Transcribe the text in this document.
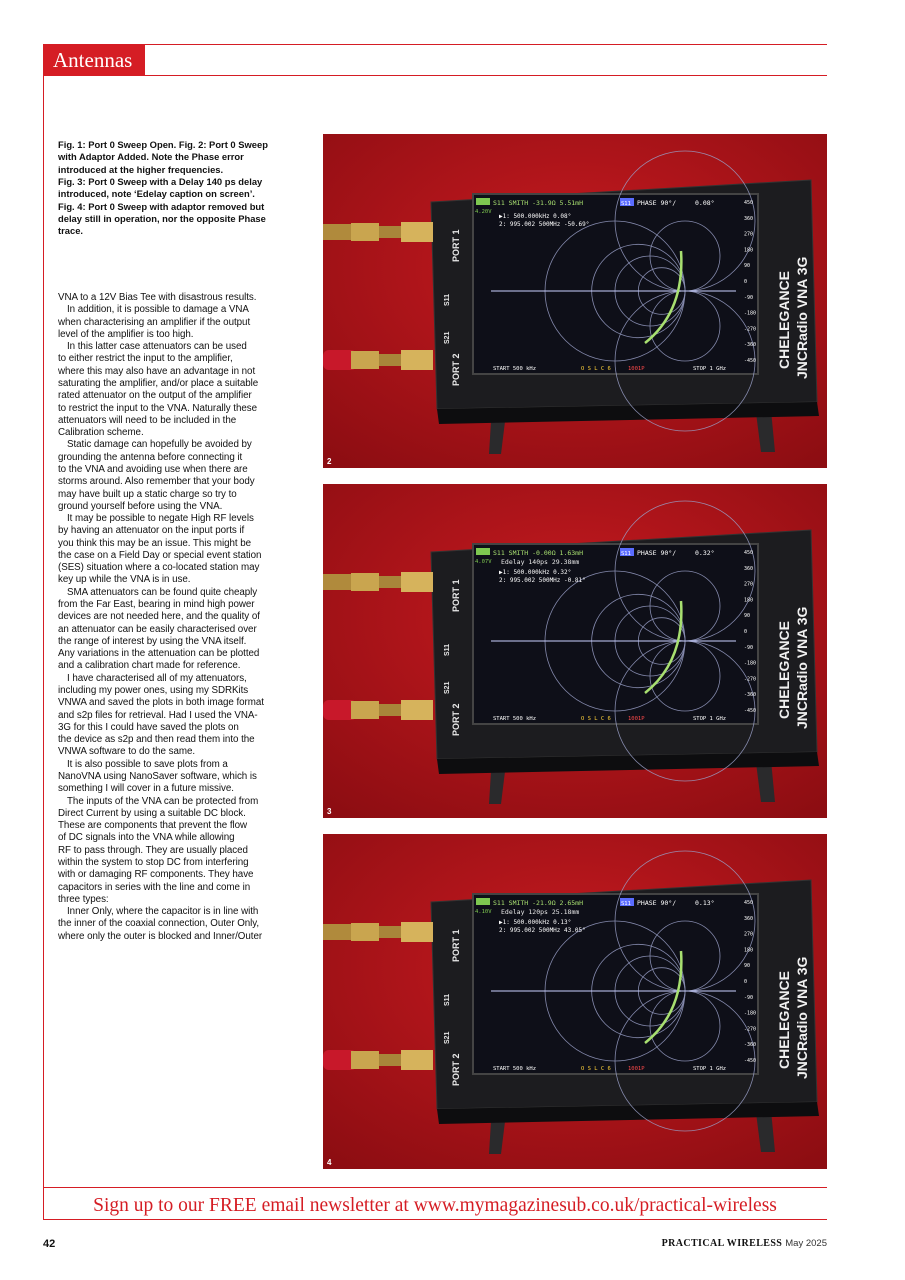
Antennas
Fig. 1: Port 0 Sweep Open. Fig. 2: Port 0 Sweep
with Adaptor Added. Note the Phase error
introduced at the higher frequencies.
Fig. 3: Port 0 Sweep with a Delay 140 ps delay
introduced, note ‘Edelay caption on screen’.
Fig. 4: Port 0 Sweep with adaptor removed but
delay still in operation, nor the opposite Phase
trace.
VNA to a 12V Bias Tee with disastrous results.
In addition, it is possible to damage a VNA
when characterising an amplifier if the output
level of the amplifier is too high.
In this latter case attenuators can be used
to either restrict the input to the amplifier,
where this may also have an advantage in not
saturating the amplifier, and/or place a suitable
rated attenuator on the output of the amplifier
to restrict the input to the VNA. Naturally these
attenuators will need to be included in the
Calibration scheme.
Static damage can hopefully be avoided by
grounding the antenna before connecting it
to the VNA and avoiding use when there are
storms around. Also remember that your body
may have built up a static charge so try to
ground yourself before using the VNA.
It may be possible to negate High RF levels
by having an attenuator on the input ports if
you think this may be an issue. This might be
the case on a Field Day or special event station
(SES) situation where a co-located station may
key up while the VNA is in use.
SMA attenuators can be found quite cheaply
from the Far East, bearing in mind high power
devices are not needed here, and the quality of
an attenuator can be easily characterised over
the range of interest by using the VNA itself.
Any variations in the attenuation can be plotted
and a calibration chart made for reference.
I have characterised all of my attenuators,
including my power ones, using my SDRKits
VNWA and saved the plots in both image format
and s2p files for retrieval. Had I used the VNA-
3G for this I could have saved the plots on
the device as s2p and then read them into the
VNWA software to do the same.
It is also possible to save plots from a
NanoVNA using NanoSaver software, which is
something I will cover in a future missive.
The inputs of the VNA can be protected from
Direct Current by using a suitable DC block.
These are components that prevent the flow
of DC signals into the VNA while allowing
RF to pass through. They are usually placed
within the system to stop DC from interfering
with or damaging RF components. They have
capacitors in series with the line and come in
three types:
Inner Only, where the capacitor is in line with
the inner of the coaxial connection, Outer Only,
where only the outer is blocked and Inner/Outer
PORT 1
PORT 2
S11
S21	CHELEGANCE JNCRadio VNA 3G
4.20V
S11 SMITH -31.9Ω 5.51mH	S11 PHASE 90°/	0.08°
▶1: 500.000kHz 0.08°
2: 995.002 500MHz -50.69°
450
360
270
180
90
0
-90
-180
-270
-360
-450
START 500 kHz	O S L C 6	1001P	STOP 1 GHz
2
PORT 1
PORT 2
S11
S21	CHELEGANCE JNCRadio VNA 3G
4.07V
S11 SMITH -0.00Ω 1.63mH
Edelay 140ps 29.38mm
S11 PHASE 90°/	0.32°
▶1: 500.000kHz 0.32°
2: 995.002 500MHz -0.81°
450
360
270
180
90
0
-90
-180
-270
-360
-450
START 500 kHz	O S L C 6	1001P	STOP 1 GHz
3
PORT 1
PORT 2
S11
S21	CHELEGANCE JNCRadio VNA 3G
4.10V
S11 SMITH -21.9Ω 2.65mH
Edelay 120ps 25.18mm
S11 PHASE 90°/	0.13°
▶1: 500.000kHz 0.13°
2: 995.002 500MHz 43.05°
450
360
270
180
90
0
-90
-180
-270
-360
-450
START 500 kHz	O S L C 6	1001P	STOP 1 GHz
4
Sign up to our FREE email newsletter at www.mymagazinesub.co.uk/practical-wireless
42	PRACTICAL WIRELESS May 2025
